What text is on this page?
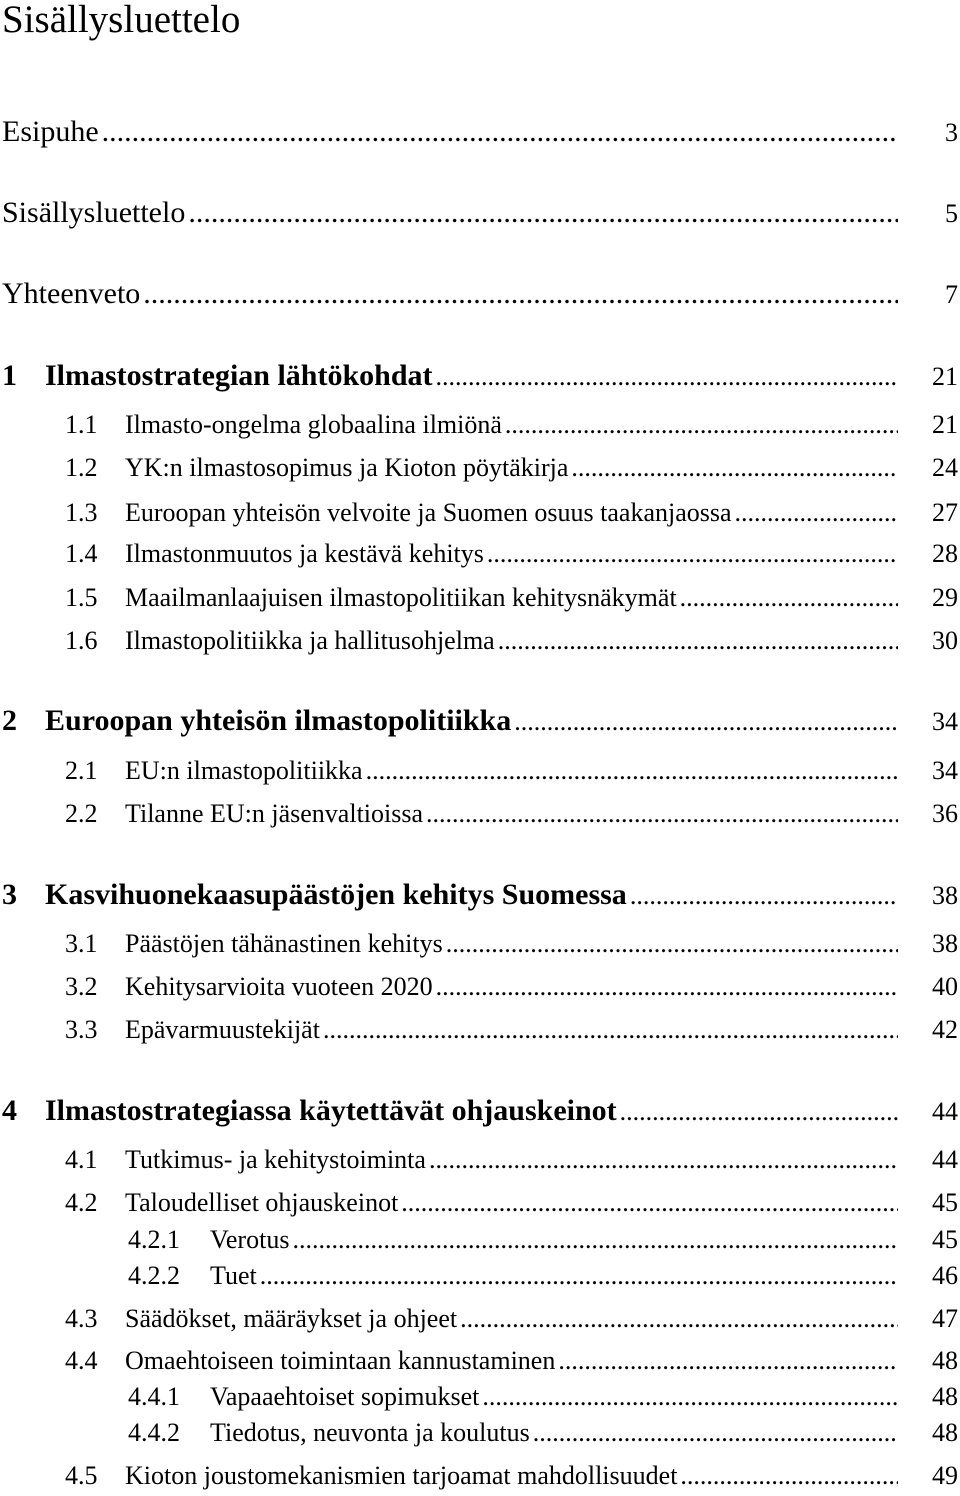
Sisällysluettelo
Esipuhe .....	3
Sisällysluettelo .....	5
Yhteenveto .....	7
1 Ilmastostrategian lähtökohdat .....	21
1.1	Ilmasto-ongelma globaalina ilmiönä .....	21
1.2	YK:n ilmastosopimus ja Kioton pöytäkirja .....	24
1.3	Euroopan yhteisön velvoite ja Suomen osuus taakanjaossa .....	27
1.4	Ilmastonmuutos ja kestävä kehitys .....	28
1.5	Maailmanlaajuisen ilmastopolitiikan kehitysnäkymät .....	29
1.6	Ilmastopolitiikka ja hallitusohjelma .....	30
2 Euroopan yhteisön ilmastopolitiikka .....	34
2.1	EU:n ilmastopolitiikka .....	34
2.2	Tilanne EU:n jäsenvaltioissa .....	36
3 Kasvihuonekaasupäästöjen kehitys Suomessa .....	38
3.1	Päästöjen tähänastinen kehitys .....	38
3.2	Kehitysarvioita vuoteen 2020 .....	40
3.3	Epävarmuustekijät .....	42
4 Ilmastostrategiassa käytettävät ohjauskeinot .....	44
4.1	Tutkimus- ja kehitystoiminta .....	44
4.2	Taloudelliset ohjauskeinot .....	45
4.2.1	Verotus .....	45
4.2.2	Tuet .....	46
4.3	Säädökset, määräykset ja ohjeet .....	47
4.4	Omaehtoiseen toimintaan kannustaminen .....	48
4.4.1	Vapaaehtoiset sopimukset .....	48
4.4.2	Tiedotus, neuvonta ja koulutus .....	48
4.5	Kioton joustomekanismien tarjoamat mahdollisuudet .....	49
